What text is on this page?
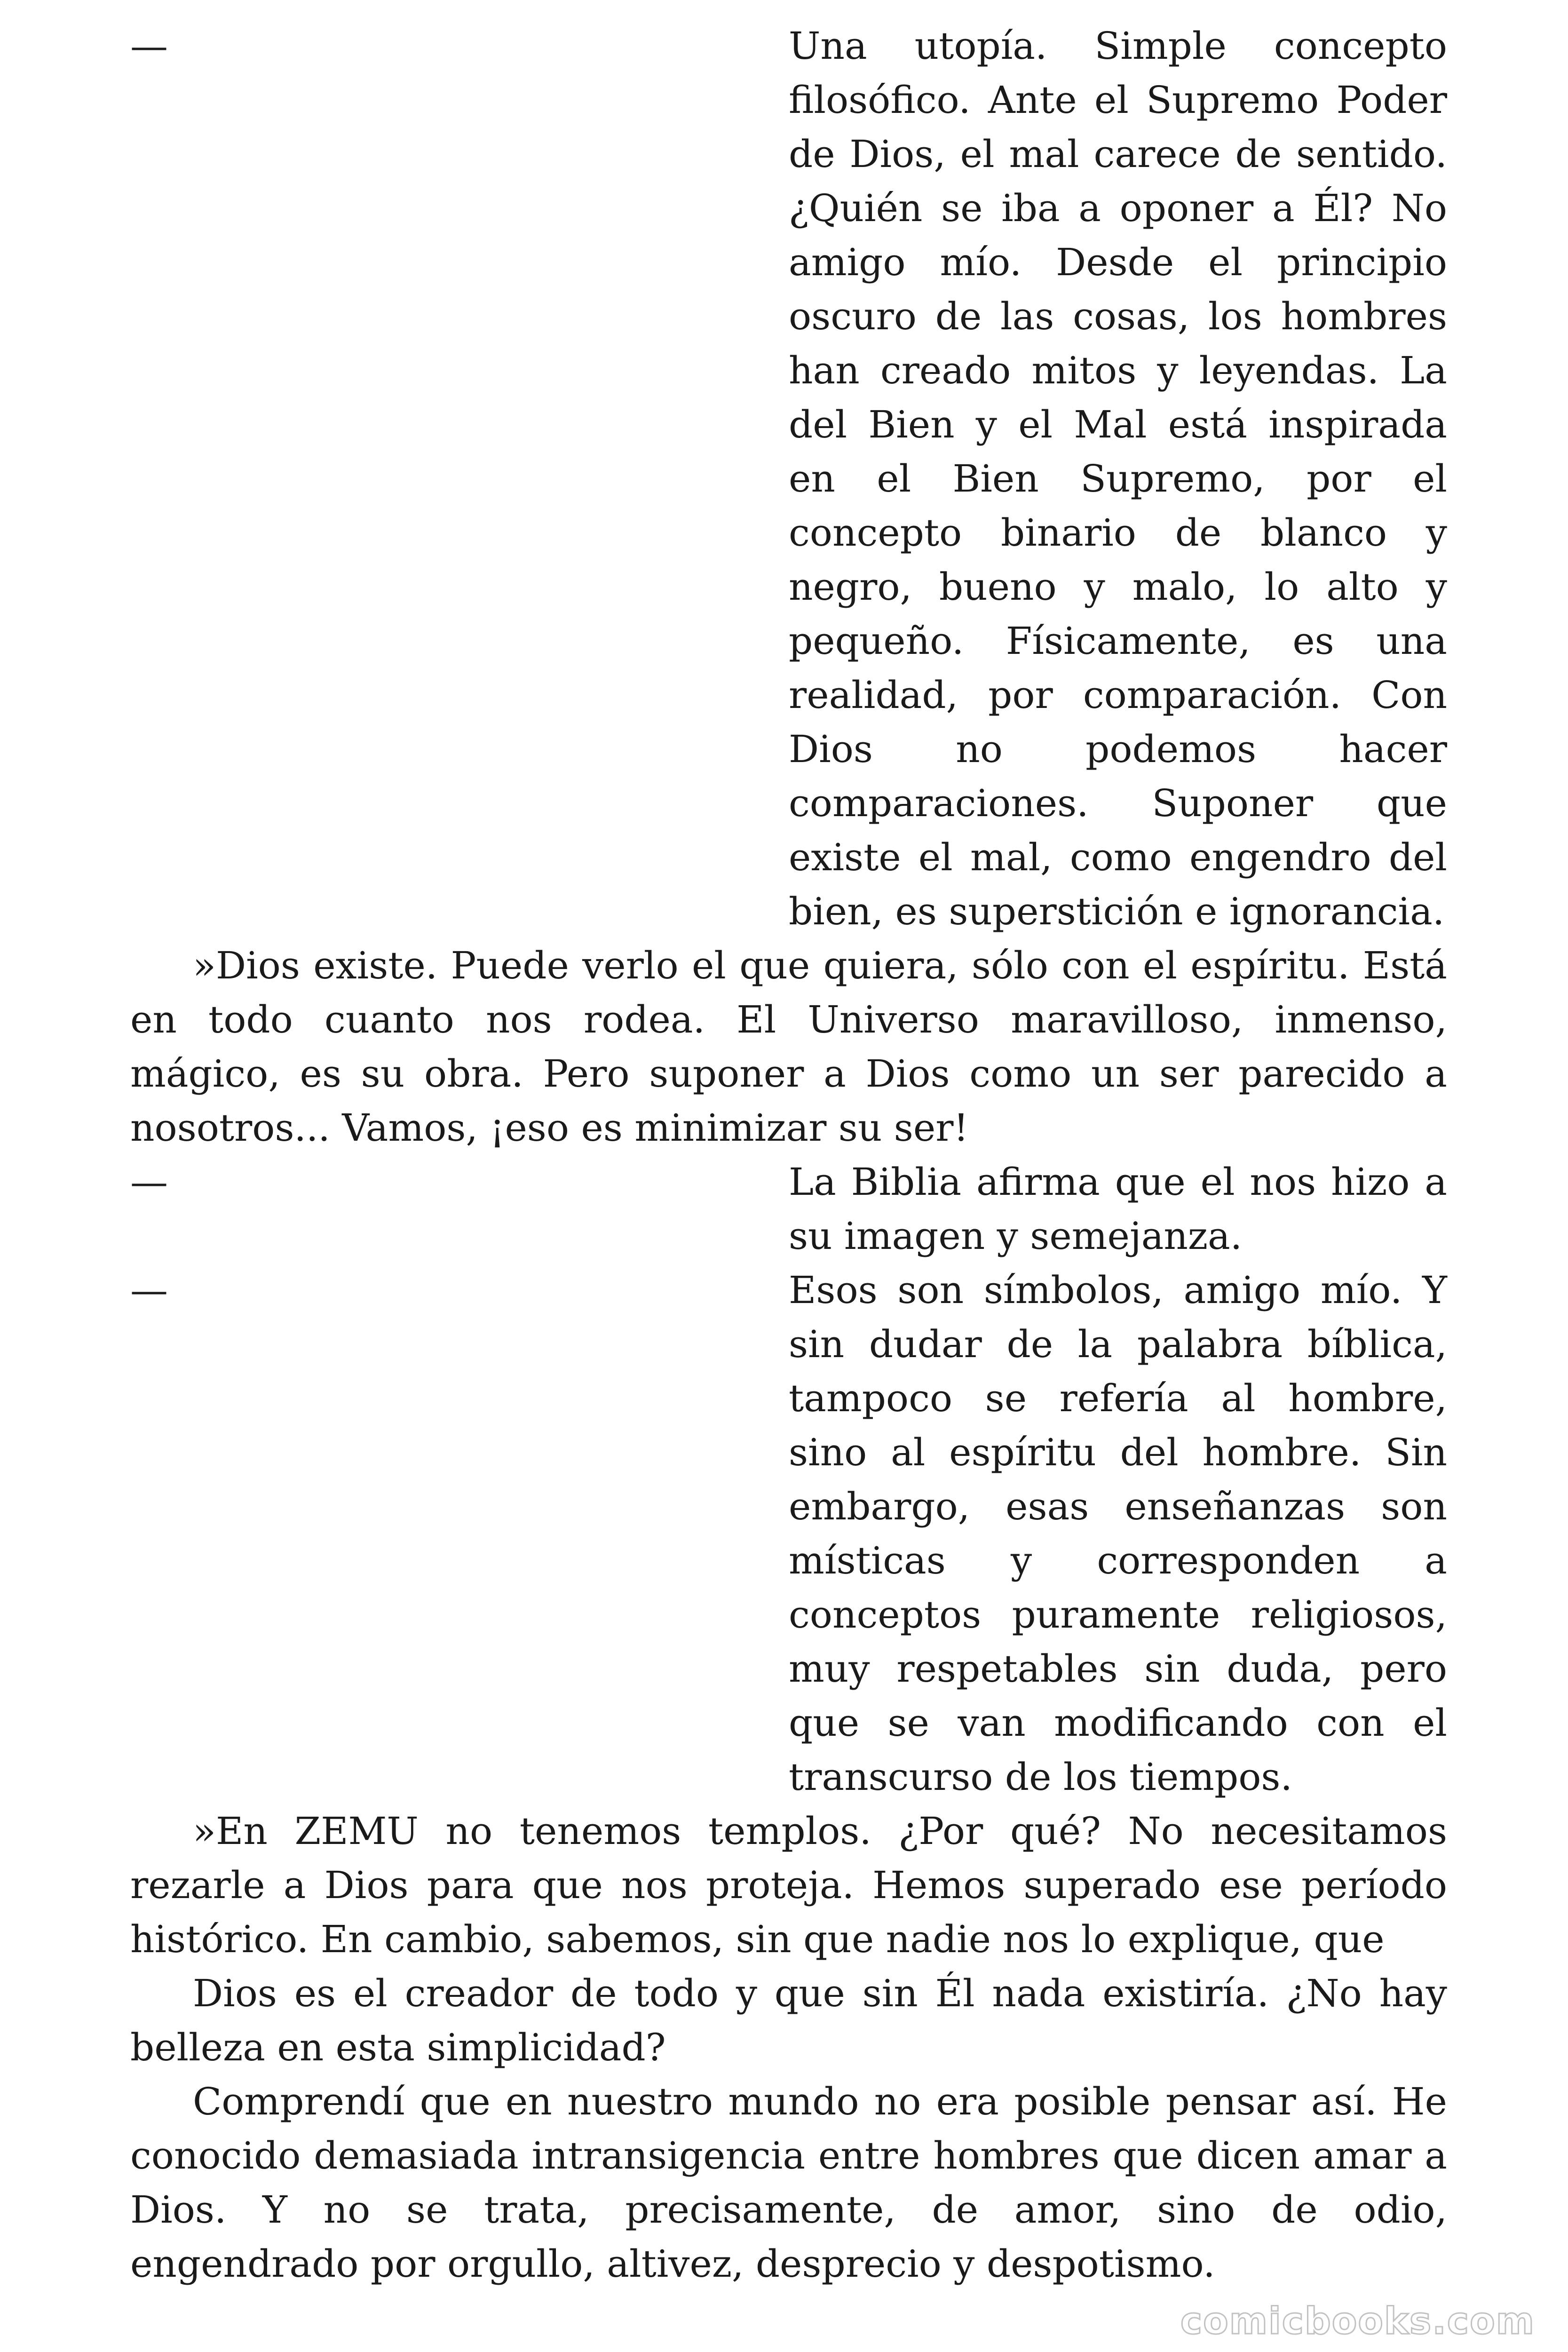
—	Una utopía. Simple concepto
filosófico. Ante el Supremo Poder
de Dios, el mal carece de sentido.
¿Quién se iba a oponer a Él? No
amigo mío. Desde el principio
oscuro de las cosas, los hombres
han creado mitos y leyendas. La
del Bien y el Mal está inspirada
en el Bien Supremo, por el
concepto binario de blanco y
negro, bueno y malo, lo alto y
pequeño. Físicamente, es una
realidad, por comparación. Con
Dios no podemos hacer
comparaciones. Suponer que
existe el mal, como engendro del
bien, es superstición e ignorancia.
»Dios existe. Puede verlo el que quiera, sólo con el espíritu. Está
en todo cuanto nos rodea. El Universo maravilloso, inmenso,
mágico, es su obra. Pero suponer a Dios como un ser parecido a
nosotros... Vamos, ¡eso es minimizar su ser!
—	La Biblia afirma que el nos hizo a
su imagen y semejanza.
—	Esos son símbolos, amigo mío. Y
sin dudar de la palabra bíblica,
tampoco se refería al hombre,
sino al espíritu del hombre. Sin
embargo, esas enseñanzas son
místicas y corresponden a
conceptos puramente religiosos,
muy respetables sin duda, pero
que se van modificando con el
transcurso de los tiempos.
»En ZEMU no tenemos templos. ¿Por qué? No necesitamos
rezarle a Dios para que nos proteja. Hemos superado ese período
histórico. En cambio, sabemos, sin que nadie nos lo explique, que
Dios es el creador de todo y que sin Él nada existiría. ¿No hay
belleza en esta simplicidad?
Comprendí que en nuestro mundo no era posible pensar así. He
conocido demasiada intransigencia entre hombres que dicen amar a
Dios. Y no se trata, precisamente, de amor, sino de odio,
engendrado por orgullo, altivez, desprecio y despotismo.
comicbooks.com
